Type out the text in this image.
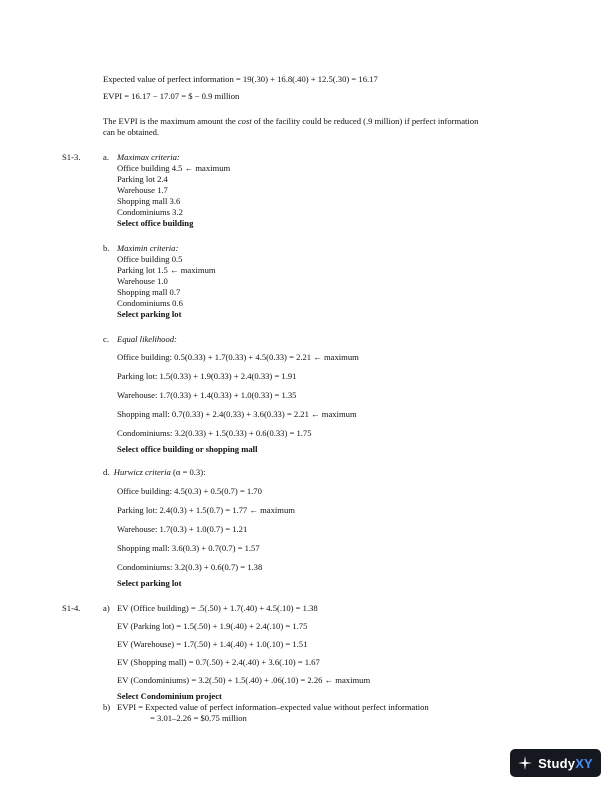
Expected value of perfect information = 19(.30) + 16.8(.40) + 12.5(.30) = 16.17
EVPI = 16.17 − 17.07 = $ − 0.9 million
The EVPI is the maximum amount the cost of the facility could be reduced (.9 million) if perfect information
can be obtained.
S1-3.	a. Maximax criteria:
Office building 4.5 ← maximum
Parking lot 2.4
Warehouse 1.7
Shopping mall 3.6
Condominiums 3.2
Select office building
b. Maximin criteria:
Office building 0.5
Parking lot 1.5 ← maximum
Warehouse 1.0
Shopping mall 0.7
Condominiums 0.6
Select parking lot
c. Equal likelihood:
Office building: 0.5(0.33) + 1.7(0.33) + 4.5(0.33) = 2.21 ← maximum
Parking lot: 1.5(0.33) + 1.9(0.33) + 2.4(0.33) = 1.91
Warehouse: 1.7(0.33) + 1.4(0.33) + 1.0(0.33) = 1.35
Shopping mall: 0.7(0.33) + 2.4(0.33) + 3.6(0.33) = 2.21 ← maximum
Condominiums: 3.2(0.33) + 1.5(0.33) + 0.6(0.33) = 1.75
Select office building or shopping mall
d. Hurwicz criteria (α = 0.3):
Office building: 4.5(0.3) + 0.5(0.7) = 1.70
Parking lot: 2.4(0.3) + 1.5(0.7) = 1.77 ← maximum
Warehouse: 1.7(0.3) + 1.0(0.7) = 1.21
Shopping mall: 3.6(0.3) + 0.7(0.7) = 1.57
Condominiums: 3.2(0.3) + 0.6(0.7) = 1.38
Select parking lot
S1-4.	a) EV (Office building) = .5(.50) + 1.7(.40) + 4.5(.10) = 1.38
EV (Parking lot) = 1.5(.50) + 1.9(.40) + 2.4(.10) = 1.75
EV (Warehouse) = 1.7(.50) + 1.4(.40) + 1.0(.10) = 1.51
EV (Shopping mall) = 0.7(.50) + 2.4(.40) + 3.6(.10) = 1.67
EV (Condominiums) = 3.2(.50) + 1.5(.40) + .06(.10) = 2.26 ← maximum
Select Condominium project
b) EVPI = Expected value of perfect information–expected value without perfect information
= 3.01–2.26 = $0.75 million
StudyXY
